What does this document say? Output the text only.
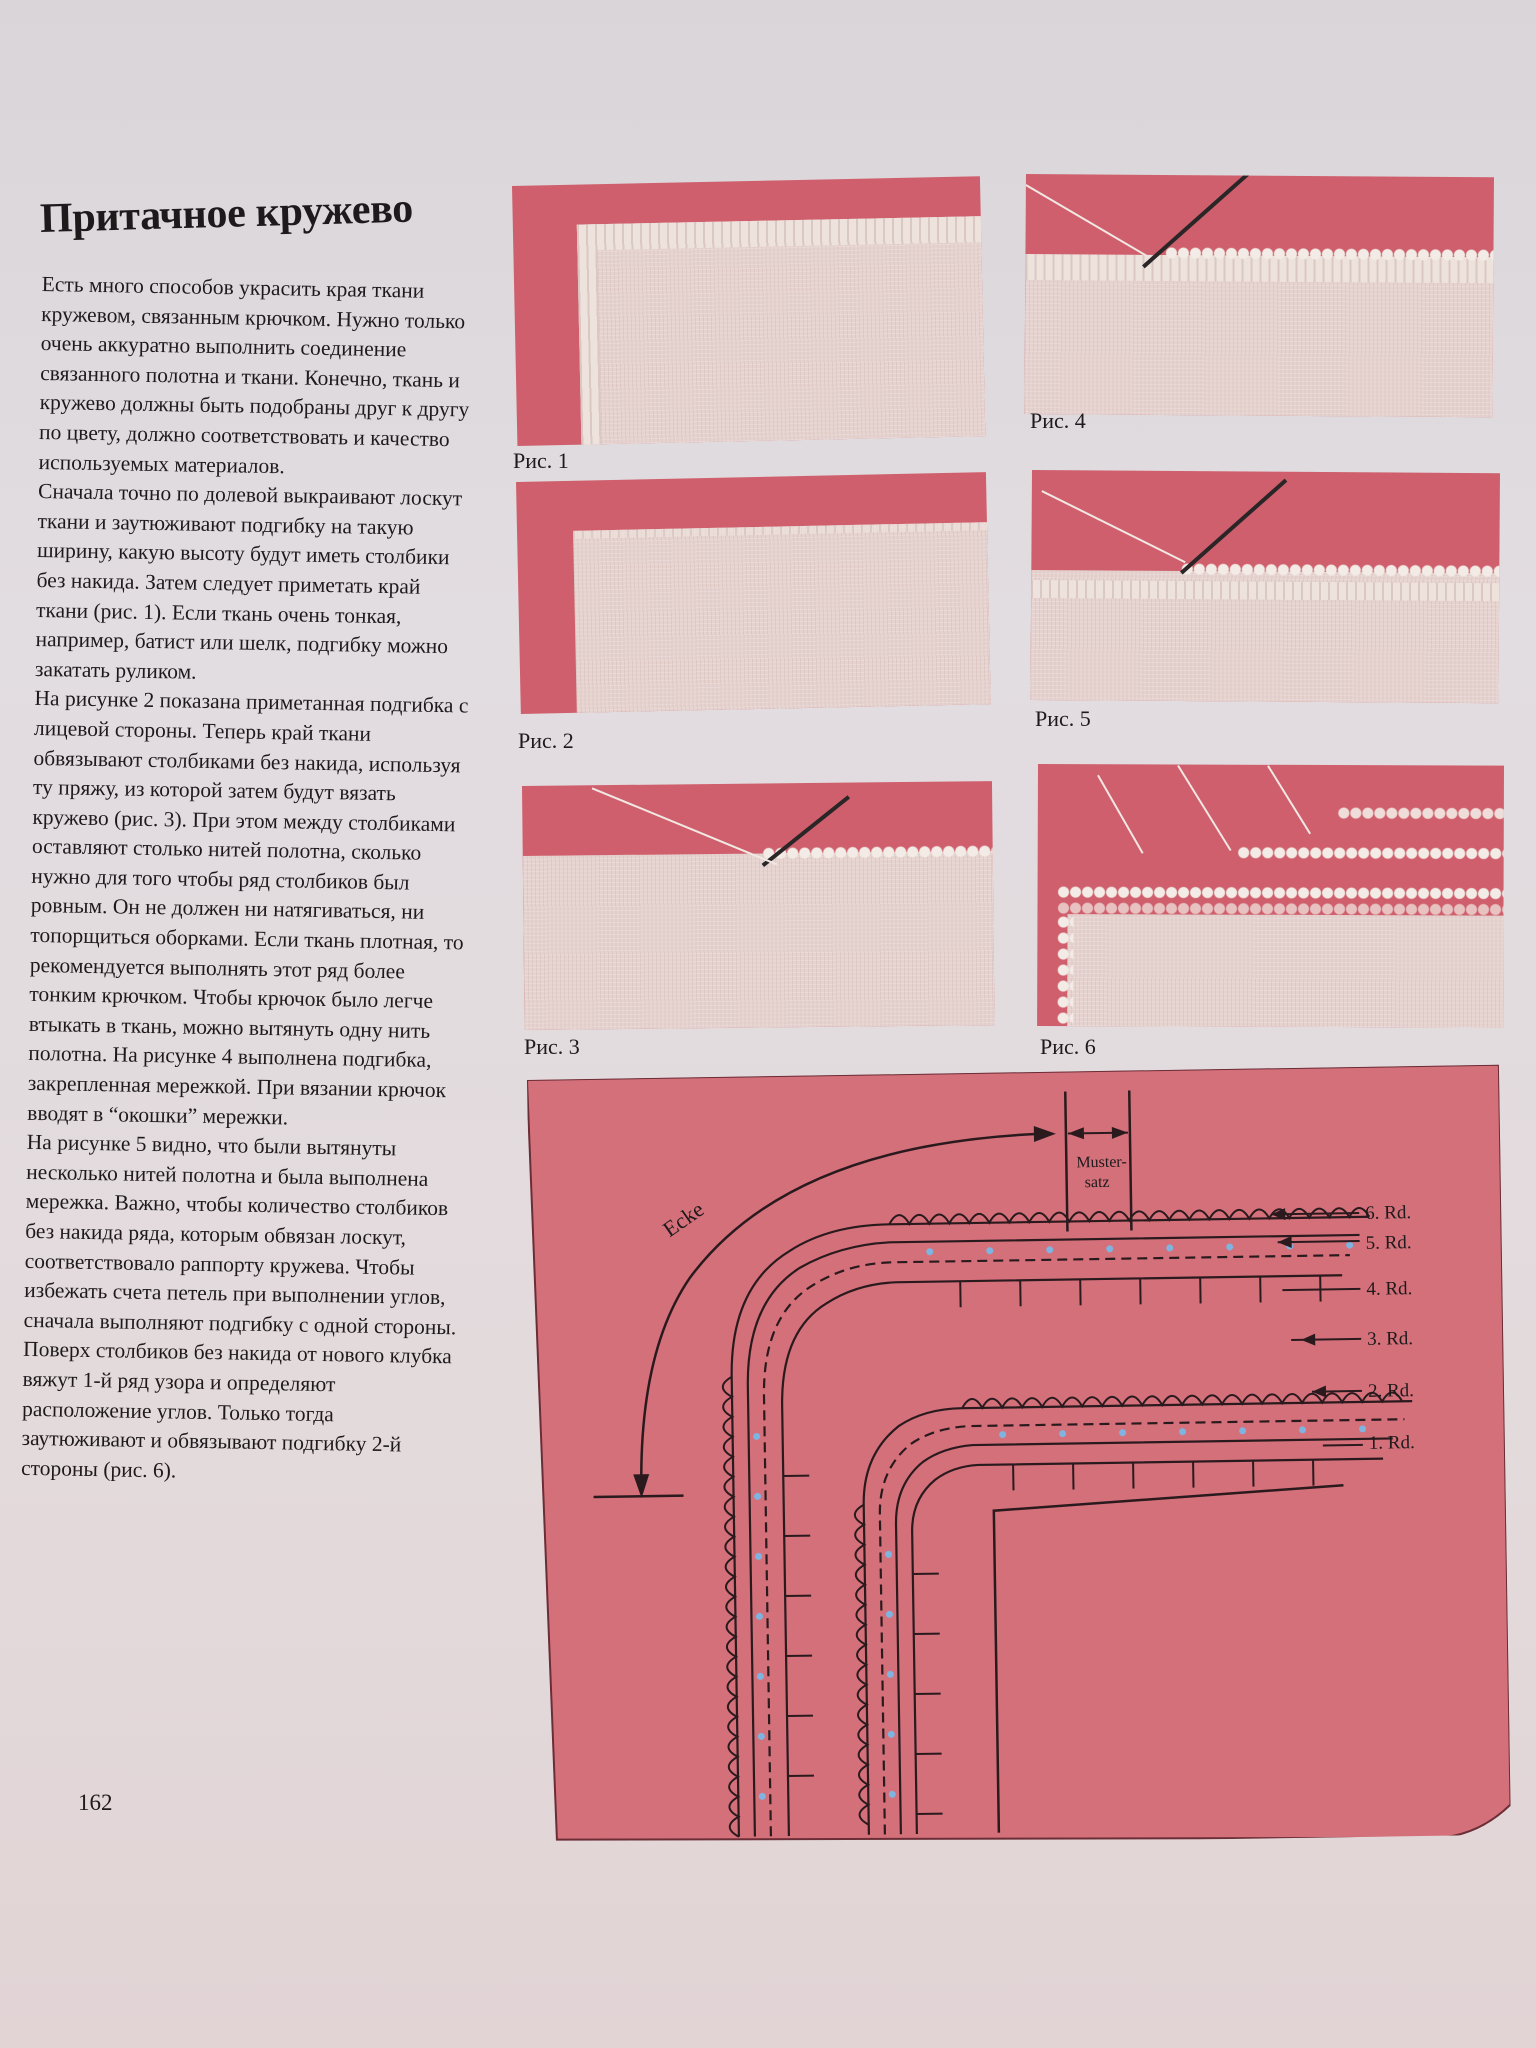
Притачное кружево

Есть много способов украсить края ткани кружевом, связанным крючком. Нужно только очень аккуратно выполнить соединение связанного полотна и ткани. Конечно, ткань и кружево должны быть подобраны друг к другу по цвету, должно соответствовать и качество используемых материалов.

Сначала точно по долевой выкраивают лоскут ткани и заутюживают подгибку на такую ширину, какую высоту будут иметь столбики без накида. Затем следует приметать край ткани (рис. 1). Если ткань очень тонкая, например, батист или шелк, подгибку можно закатать руликом.

На рисунке 2 показана приметанная подгибка с лицевой стороны. Теперь край ткани обвязывают столбиками без накида, используя ту пряжу, из которой затем будут вязать кружево (рис. 3). При этом между столбиками оставляют столько нитей полотна, сколько нужно для того чтобы ряд столбиков был ровным. Он не должен ни натягиваться, ни топорщиться оборками. Если ткань плотная, то рекомендуется выполнять этот ряд более тонким крючком. Чтобы крючок было легче втыкать в ткань, можно вытянуть одну нить полотна. На рисунке 4 выполнена подгибка, закрепленная мережкой. При вязании крючок вводят в “окошки” мережки.

На рисунке 5 видно, что были вытянуты несколько нитей полотна и была выполнена мережка. Важно, чтобы количество столбиков без накида ряда, которым обвязан лоскут, соответствовало раппорту кружева. Чтобы избежать счета петель при выполнении углов, сначала выполняют подгибку с одной стороны. Поверх столбиков без накида от нового клубка вяжут 1-й ряд узора и определяют расположение углов. Только тогда заутюживают и обвязывают подгибку 2-й стороны (рис. 6).

Рис. 1
Рис. 2
Рис. 3
Рис. 4
Рис. 5
Рис. 6
Ecke
Muster-
satz
6. Rd.
5. Rd.
4. Rd.
3. Rd.
2. Rd.
1. Rd.
162
